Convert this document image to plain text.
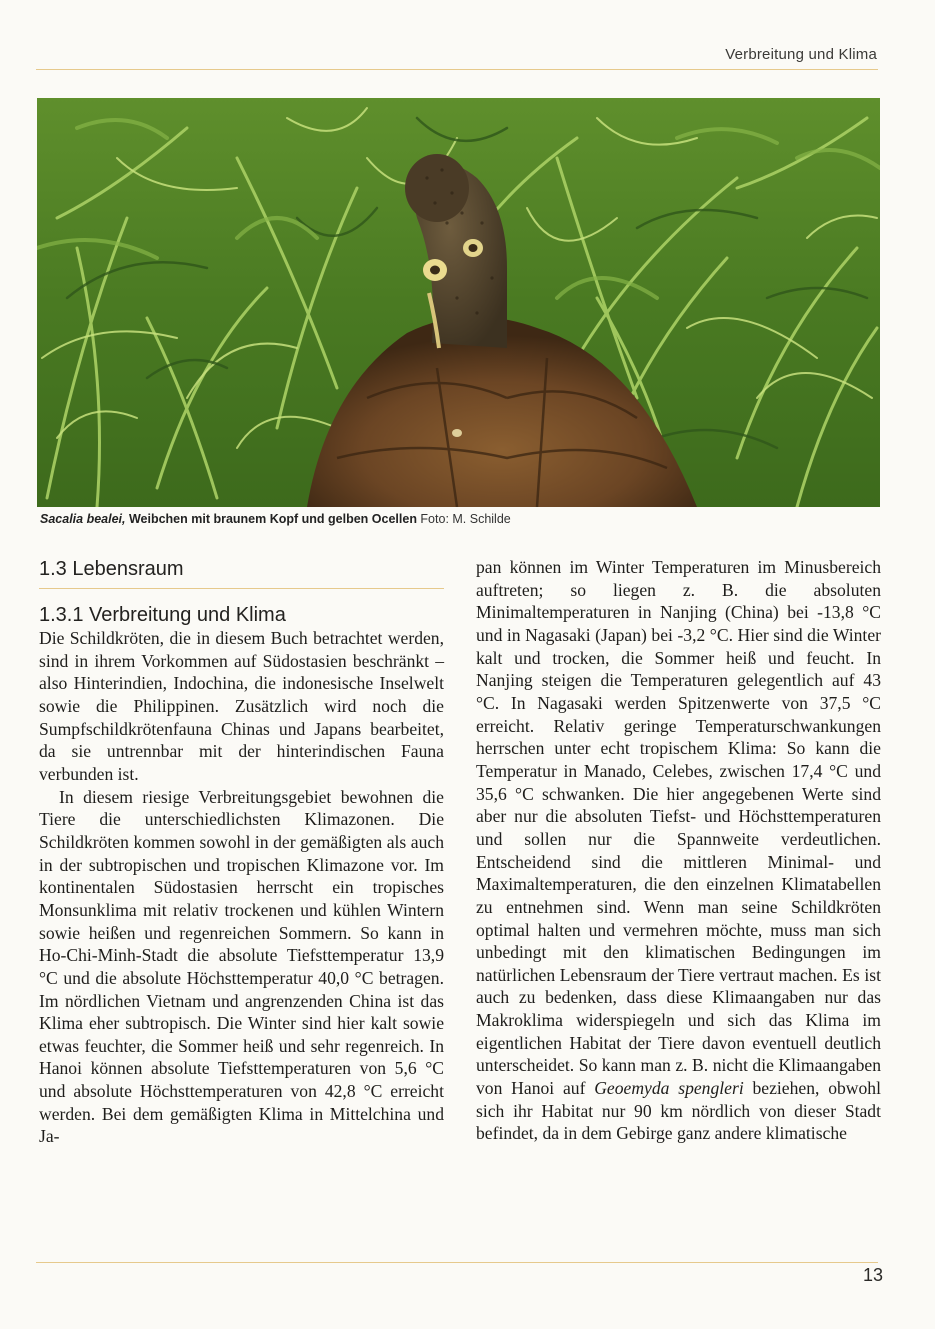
Verbreitung und Klima
Sacalia bealei, Weibchen mit braunem Kopf und gelben Ocellen Foto: M. Schilde
1.3 Lebensraum
1.3.1 Verbreitung und Klima

Die Schildkröten, die in diesem Buch betrachtet werden, sind in ihrem Vorkommen auf Südostasien beschränkt – also Hinterindien, Indochina, die indonesische Inselwelt sowie die Philippinen. Zusätzlich wird noch die Sumpfschildkrötenfauna Chinas und Japans bearbeitet, da sie untrennbar mit der hinterindischen Fauna verbunden ist.

In diesem riesige Verbreitungsgebiet bewohnen die Tiere die unterschiedlichsten Klimazonen. Die Schildkröten kommen sowohl in der gemäßigten als auch in der subtropischen und tropischen Klimazone vor. Im kontinentalen Südostasien herrscht ein tropisches Monsunklima mit relativ trockenen und kühlen Wintern sowie heißen und regenreichen Sommern. So kann in Ho-Chi-Minh-Stadt die absolute Tiefsttemperatur 13,9 °C und die absolute Höchsttemperatur 40,0 °C betragen. Im nördlichen Vietnam und angrenzenden China ist das Klima eher subtropisch. Die Winter sind hier kalt sowie etwas feuchter, die Sommer heiß und sehr regenreich. In Hanoi können absolute Tiefsttemperaturen von 5,6 °C und absolute Höchsttemperaturen von 42,8 °C erreicht werden. Bei dem gemäßigten Klima in Mittelchina und Ja-

pan können im Winter Temperaturen im Minusbereich auftreten; so liegen z. B. die absoluten Minimaltemperaturen in Nanjing (China) bei -13,8 °C und in Nagasaki (Japan) bei -3,2 °C. Hier sind die Winter kalt und trocken, die Sommer heiß und feucht. In Nanjing steigen die Temperaturen gelegentlich auf 43 °C. In Nagasaki werden Spitzenwerte von 37,5 °C erreicht. Relativ geringe Temperaturschwankungen herrschen unter echt tropischem Klima: So kann die Temperatur in Manado, Celebes, zwischen 17,4 °C und 35,6 °C schwanken. Die hier angegebenen Werte sind aber nur die absoluten Tiefst- und Höchsttemperaturen und sollen nur die Spannweite verdeutlichen. Entscheidend sind die mittleren Minimal- und Maximaltemperaturen, die den einzelnen Klimatabellen zu entnehmen sind. Wenn man seine Schildkröten optimal halten und vermehren möchte, muss man sich unbedingt mit den klimatischen Bedingungen im natürlichen Lebensraum der Tiere vertraut machen. Es ist auch zu bedenken, dass diese Klimaangaben nur das Makroklima widerspiegeln und sich das Klima im eigentlichen Habitat der Tiere davon eventuell deutlich unterscheidet. So kann man z. B. nicht die Klimaangaben von Hanoi auf Geoemyda spengleri beziehen, obwohl sich ihr Habitat nur 90 km nördlich von dieser Stadt befindet, da in dem Gebirge ganz andere klimatische

13
